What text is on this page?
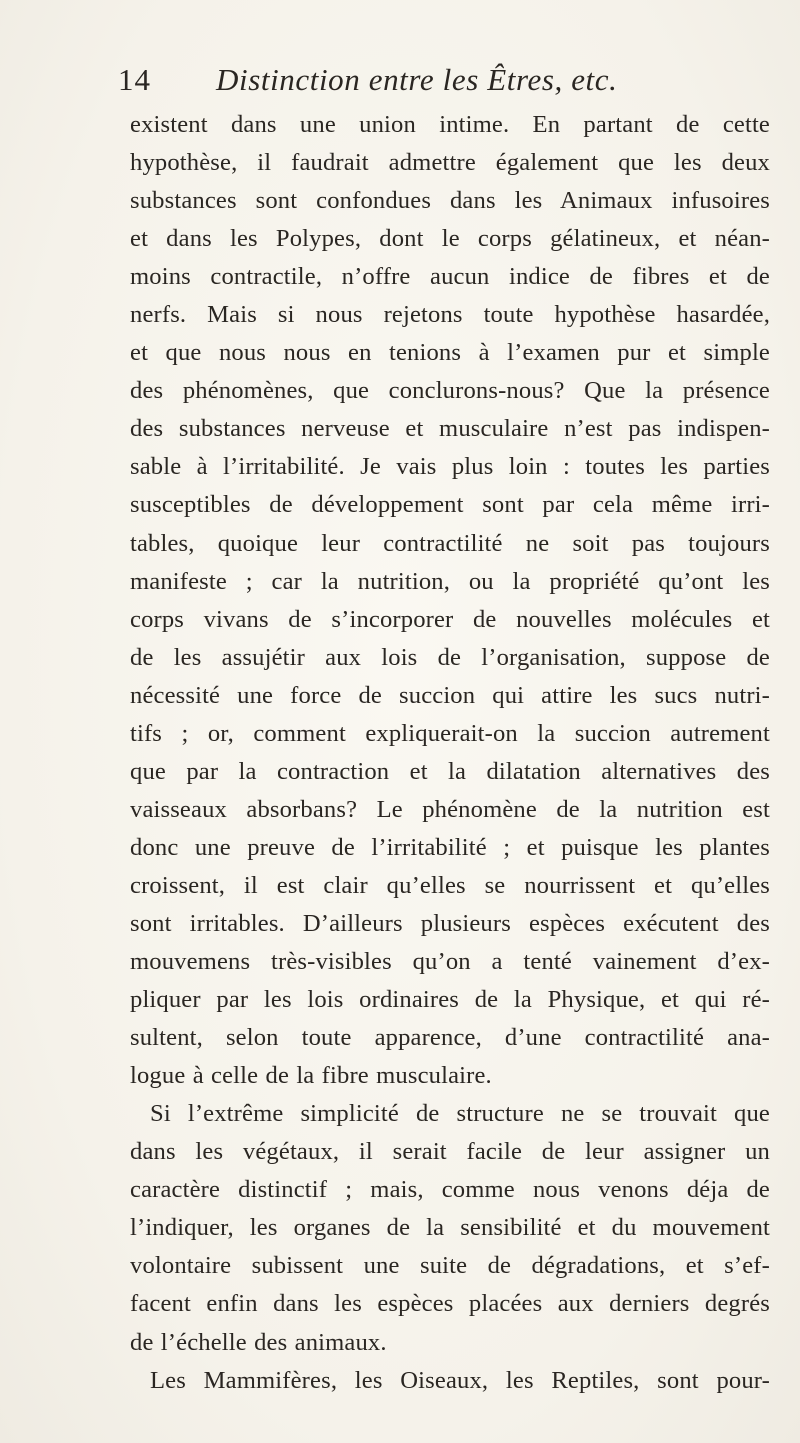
14 Distinction entre les Êtres, etc.
existent dans une union intime. En partant de cette
hypothèse, il faudrait admettre également que les deux
substances sont confondues dans les Animaux infusoires
et dans les Polypes, dont le corps gélatineux, et néan-
moins contractile, n’offre aucun indice de fibres et de
nerfs. Mais si nous rejetons toute hypothèse hasardée,
et que nous nous en tenions à l’examen pur et simple
des phénomènes, que conclurons-nous? Que la présence
des substances nerveuse et musculaire n’est pas indispen-
sable à l’irritabilité. Je vais plus loin : toutes les parties
susceptibles de développement sont par cela même irri-
tables, quoique leur contractilité ne soit pas toujours
manifeste ; car la nutrition, ou la propriété qu’ont les
corps vivans de s’incorporer de nouvelles molécules et
de les assujétir aux lois de l’organisation, suppose de
nécessité une force de succion qui attire les sucs nutri-
tifs ; or, comment expliquerait-on la succion autrement
que par la contraction et la dilatation alternatives des
vaisseaux absorbans? Le phénomène de la nutrition est
donc une preuve de l’irritabilité ; et puisque les plantes
croissent, il est clair qu’elles se nourrissent et qu’elles
sont irritables. D’ailleurs plusieurs espèces exécutent des
mouvemens très-visibles qu’on a tenté vainement d’ex-
pliquer par les lois ordinaires de la Physique, et qui ré-
sultent, selon toute apparence, d’une contractilité ana-
logue à celle de la fibre musculaire.
Si l’extrême simplicité de structure ne se trouvait que
dans les végétaux, il serait facile de leur assigner un
caractère distinctif ; mais, comme nous venons déja de
l’indiquer, les organes de la sensibilité et du mouvement
volontaire subissent une suite de dégradations, et s’ef-
facent enfin dans les espèces placées aux derniers degrés
de l’échelle des animaux.
Les Mammifères, les Oiseaux, les Reptiles, sont pour-
